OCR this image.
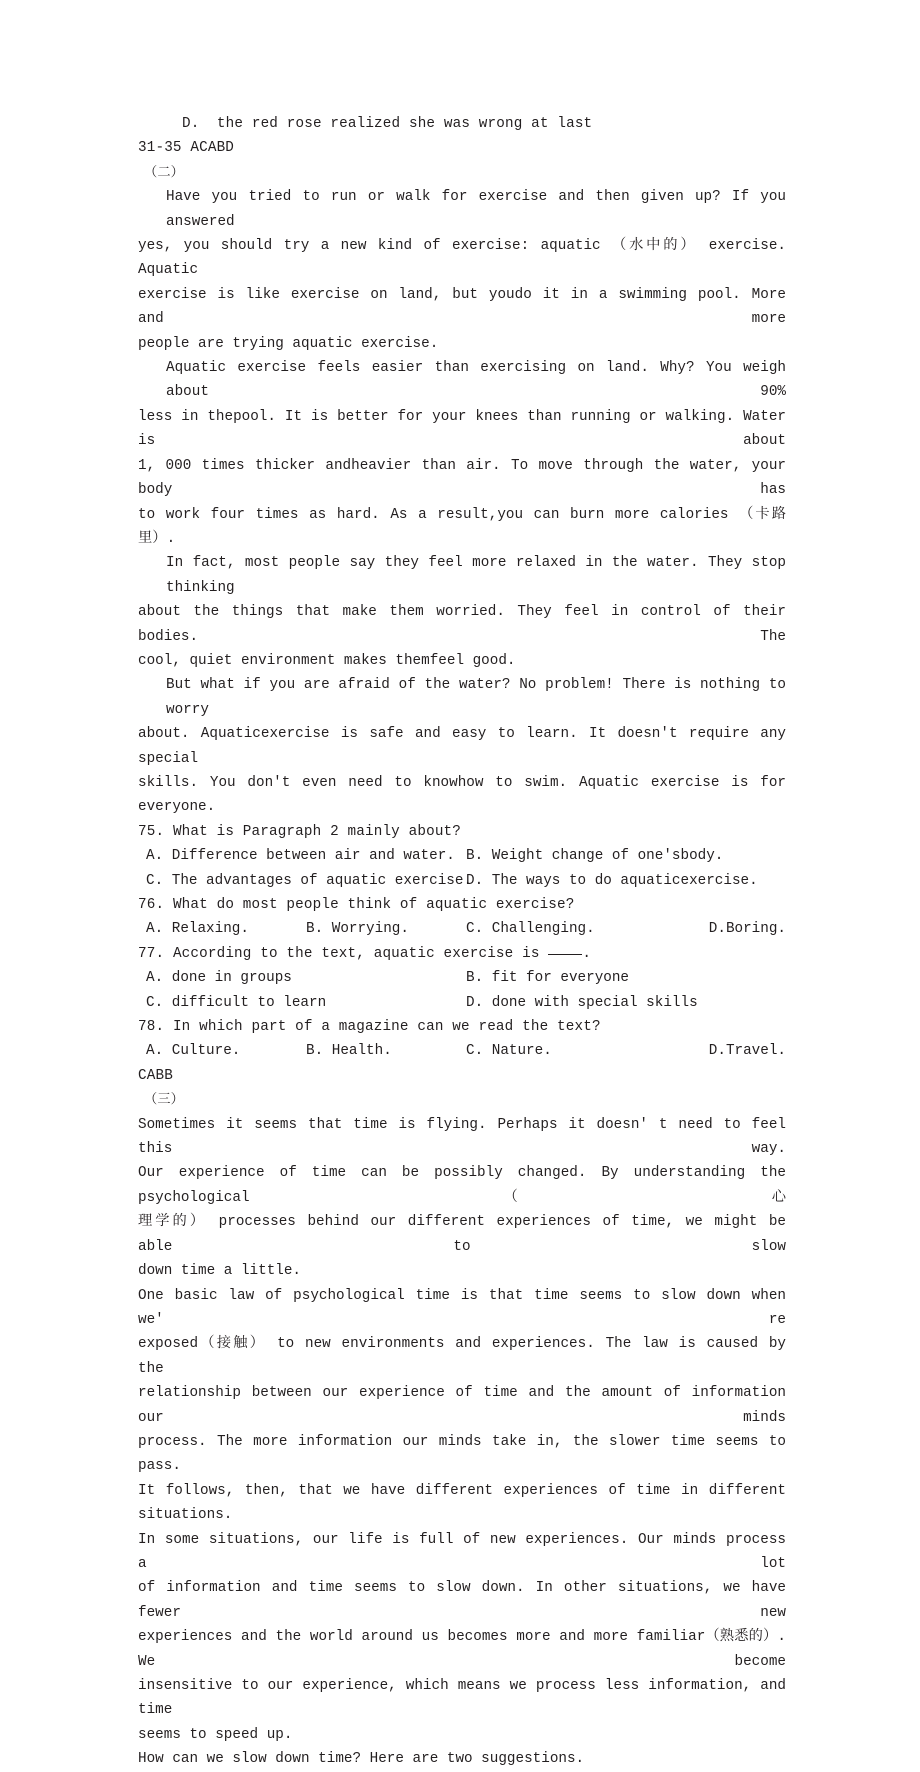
D.  the red rose realized she was wrong at last
31-35 ACABD
（二）
Have you tried to run or walk for exercise and then given up? If you answered
yes, you should try a new kind of exercise: aquatic （水中的） exercise. Aquatic
exercise is like exercise on land, but youdo it in a swimming pool. More and more
people are trying aquatic exercise.
Aquatic exercise feels easier than exercising on land. Why? You weigh about 90%
less in thepool. It is better for your knees than running or walking. Water is about
1, 000 times thicker andheavier than air. To move through the water, your body has
to work four times as hard. As a result,you can burn more calories （卡路里）.
In fact, most people say they feel more relaxed in the water. They stop thinking
about the things that make them worried. They feel in control of their bodies. The
cool, quiet environment makes themfeel good.
But what if you are afraid of the water? No problem! There is nothing to worry
about. Aquaticexercise is safe and easy to learn. It doesn't require any special
skills. You don't even need to knowhow to swim. Aquatic exercise is for everyone.
75. What is Paragraph 2 mainly about?
A. Difference between air and water. B. Weight change of one'sbody.
C. The advantages of aquatic exercise.
D. The ways to do aquaticexercise.
76. What do most people think of aquatic exercise?
A. Relaxing.	B. Worrying.	C. Challenging.	D.Boring.
77. According to the text, aquatic exercise is .
A. done in groups	B. fit for everyone
C. difficult to learn	D. done with special skills
78. In which part of a magazine can we read the text?
A. Culture.	B. Health.	C. Nature.	D.Travel.
CABB
（三）
Sometimes it seems that time is flying. Perhaps it doesn' t need to feel this way.
Our experience of time can be possibly changed. By understanding the psychological（心
理学的） processes behind our different experiences of time, we might be able to slow
down time a little.
One basic law of psychological time is that time seems to slow down when we' re
exposed（接触） to new environments and experiences. The law is caused by the
relationship between our experience of time and the amount of information our minds
process. The more information our minds take in, the slower time seems to pass.
It follows, then, that we have different experiences of time in different situations.
In some situations, our life is full of new experiences. Our minds process a lot
of information and time seems to slow down. In other situations, we have fewer new
experiences and the world around us becomes more and more familiar（熟悉的）. We become
insensitive to our experience, which means we process less information, and time
seems to speed up.
How can we slow down time? Here are two suggestions.
